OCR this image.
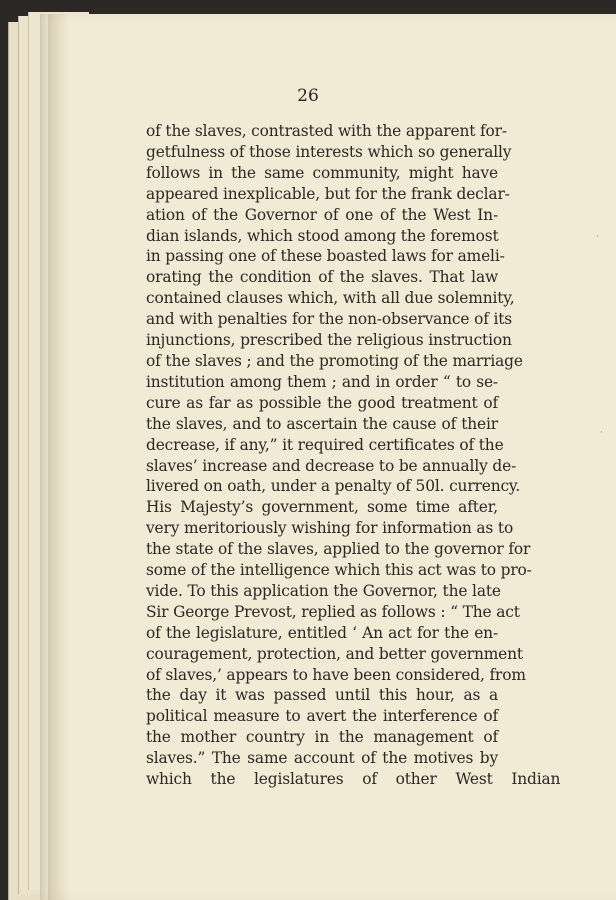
26

of the slaves, contrasted with the apparent for-
getfulness of those interests which so generally
follows in the same community, might have
appeared inexplicable, but for the frank declar-
ation of the Governor of one of the West In-
dian islands, which stood among the foremost
in passing one of these boasted laws for ameli-
orating the condition of the slaves. That law
contained clauses which, with all due solemnity,
and with penalties for the non-observance of its
injunctions, prescribed the religious instruction
of the slaves ; and the promoting of the marriage
institution among them ; and in order “ to se-
cure as far as possible the good treatment of
the slaves, and to ascertain the cause of their
decrease, if any,” it required certificates of the
slaves’ increase and decrease to be annually de-
livered on oath, under a penalty of 50l. currency.
His Majesty’s government, some time after,
very meritoriously wishing for information as to
the state of the slaves, applied to the governor for
some of the intelligence which this act was to pro-
vide. To this application the Governor, the late
Sir George Prevost, replied as follows : “ The act
of the legislature, entitled ‘ An act for the en-
couragement, protection, and better government
of slaves,’ appears to have been considered, from
the day it was passed until this hour, as a
political measure to avert the interference of
the mother country in the management of
slaves.” The same account of the motives by
which the legislatures of other West Indian
·
·
